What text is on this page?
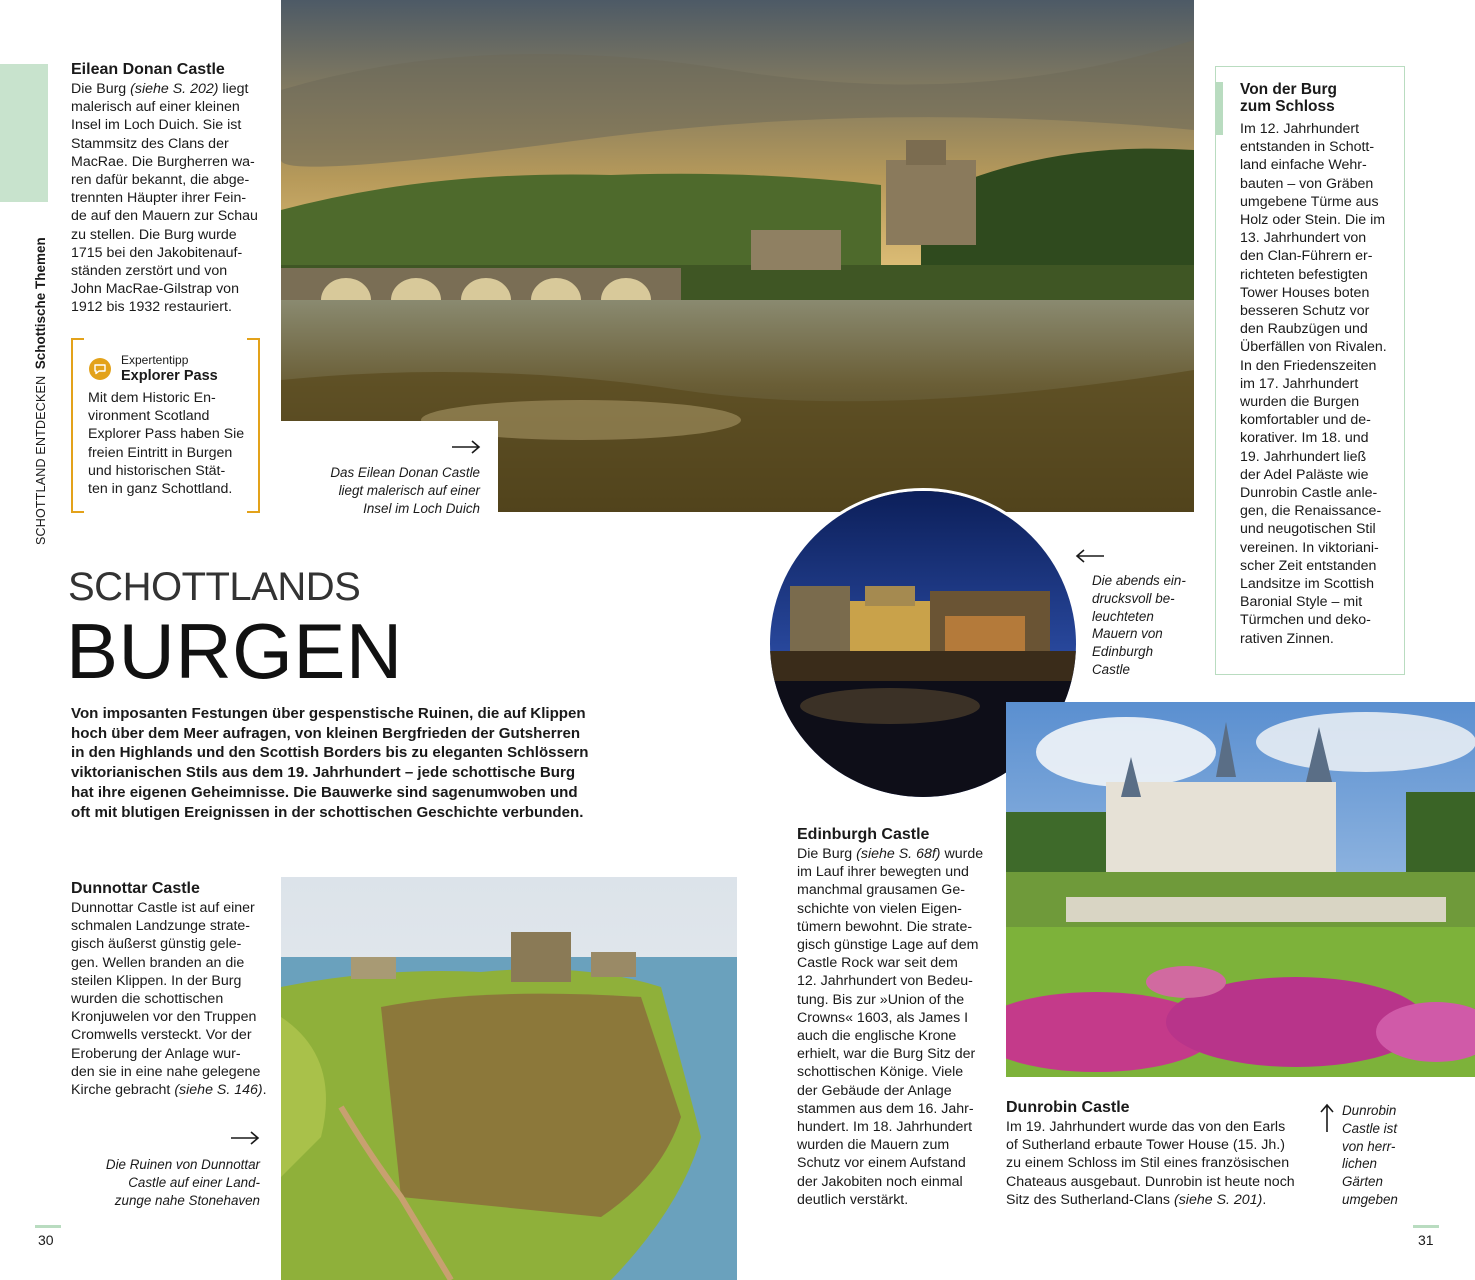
SCHOTTLAND ENTDECKEN Schottische Themen

Eilean Donan Castle

Die Burg (siehe S. 202) liegt
malerisch auf einer kleinen
Insel im Loch Duich. Sie ist
Stammsitz des Clans der
MacRae. Die Burgherren wa-
ren dafür bekannt, die abge-
trennten Häupter ihrer Fein-
de auf den Mauern zur Schau
zu stellen. Die Burg wurde
1715 bei den Jakobitenauf-
ständen zerstört und von
John MacRae-Gilstrap von
1912 bis 1932 restauriert.

Expertentipp
Explorer Pass

Mit dem Historic En-
vironment Scotland
Explorer Pass haben Sie
freien Eintritt in Burgen
und historischen Stät-
ten in ganz Schottland.

Das Eilean Donan Castle
liegt malerisch auf einer
Insel im Loch Duich

SCHOTTLANDS
BURGEN

Von imposanten Festungen über gespenstische Ruinen, die auf Klippen
hoch über dem Meer aufragen, von kleinen Bergfrieden der Gutsherren
in den Highlands und den Scottish Borders bis zu eleganten Schlössern
viktorianischen Stils aus dem 19. Jahrhundert – jede schottische Burg
hat ihre eigenen Geheimnisse. Die Bauwerke sind sagenumwoben und
oft mit blutigen Ereignissen in der schottischen Geschichte verbunden.

Von der Burg
zum Schloss

Im 12. Jahrhundert
entstanden in Schott-
land einfache Wehr-
bauten – von Gräben
umgebene Türme aus
Holz oder Stein. Die im
13. Jahrhundert von
den Clan-Führern er-
richteten befestigten
Tower Houses boten
besseren Schutz vor
den Raubzügen und
Überfällen von Rivalen.
In den Friedenszeiten
im 17. Jahrhundert
wurden die Burgen
komfortabler und de-
korativer. Im 18. und
19. Jahrhundert ließ
der Adel Paläste wie
Dunrobin Castle anle-
gen, die Renaissance-
und neugotischen Stil
vereinen. In viktoriani-
scher Zeit entstanden
Landsitze im Scottish
Baronial Style – mit
Türmchen und deko-
rativen Zinnen.

Die abends ein-
drucksvoll be-
leuchteten
Mauern von
Edinburgh
Castle

Dunnottar Castle

Dunnottar Castle ist auf einer
schmalen Landzunge strate-
gisch äußerst günstig gele-
gen. Wellen branden an die
steilen Klippen. In der Burg
wurden die schottischen
Kronjuwelen vor den Truppen
Cromwells versteckt. Vor der
Eroberung der Anlage wur-
den sie in eine nahe gelegene
Kirche gebracht (siehe S. 146).

Die Ruinen von Dunnottar
Castle auf einer Land-
zunge nahe Stonehaven

Edinburgh Castle

Die Burg (siehe S. 68f) wurde
im Lauf ihrer bewegten und
manchmal grausamen Ge-
schichte von vielen Eigen-
tümern bewohnt. Die strate-
gisch günstige Lage auf dem
Castle Rock war seit dem
12. Jahrhundert von Bedeu-
tung. Bis zur »Union of the
Crowns« 1603, als James I
auch die englische Krone
erhielt, war die Burg Sitz der
schottischen Könige. Viele
der Gebäude der Anlage
stammen aus dem 16. Jahr-
hundert. Im 18. Jahrhundert
wurden die Mauern zum
Schutz vor einem Aufstand
der Jakobiten noch einmal
deutlich verstärkt.

Dunrobin Castle

Im 19. Jahrhundert wurde das von den Earls
of Sutherland erbaute Tower House (15. Jh.)
zu einem Schloss im Stil eines französischen
Chateaus ausgebaut. Dunrobin ist heute noch
Sitz des Sutherland-Clans (siehe S. 201).

Dunrobin
Castle ist
von herr-
lichen
Gärten
umgeben

30	31
